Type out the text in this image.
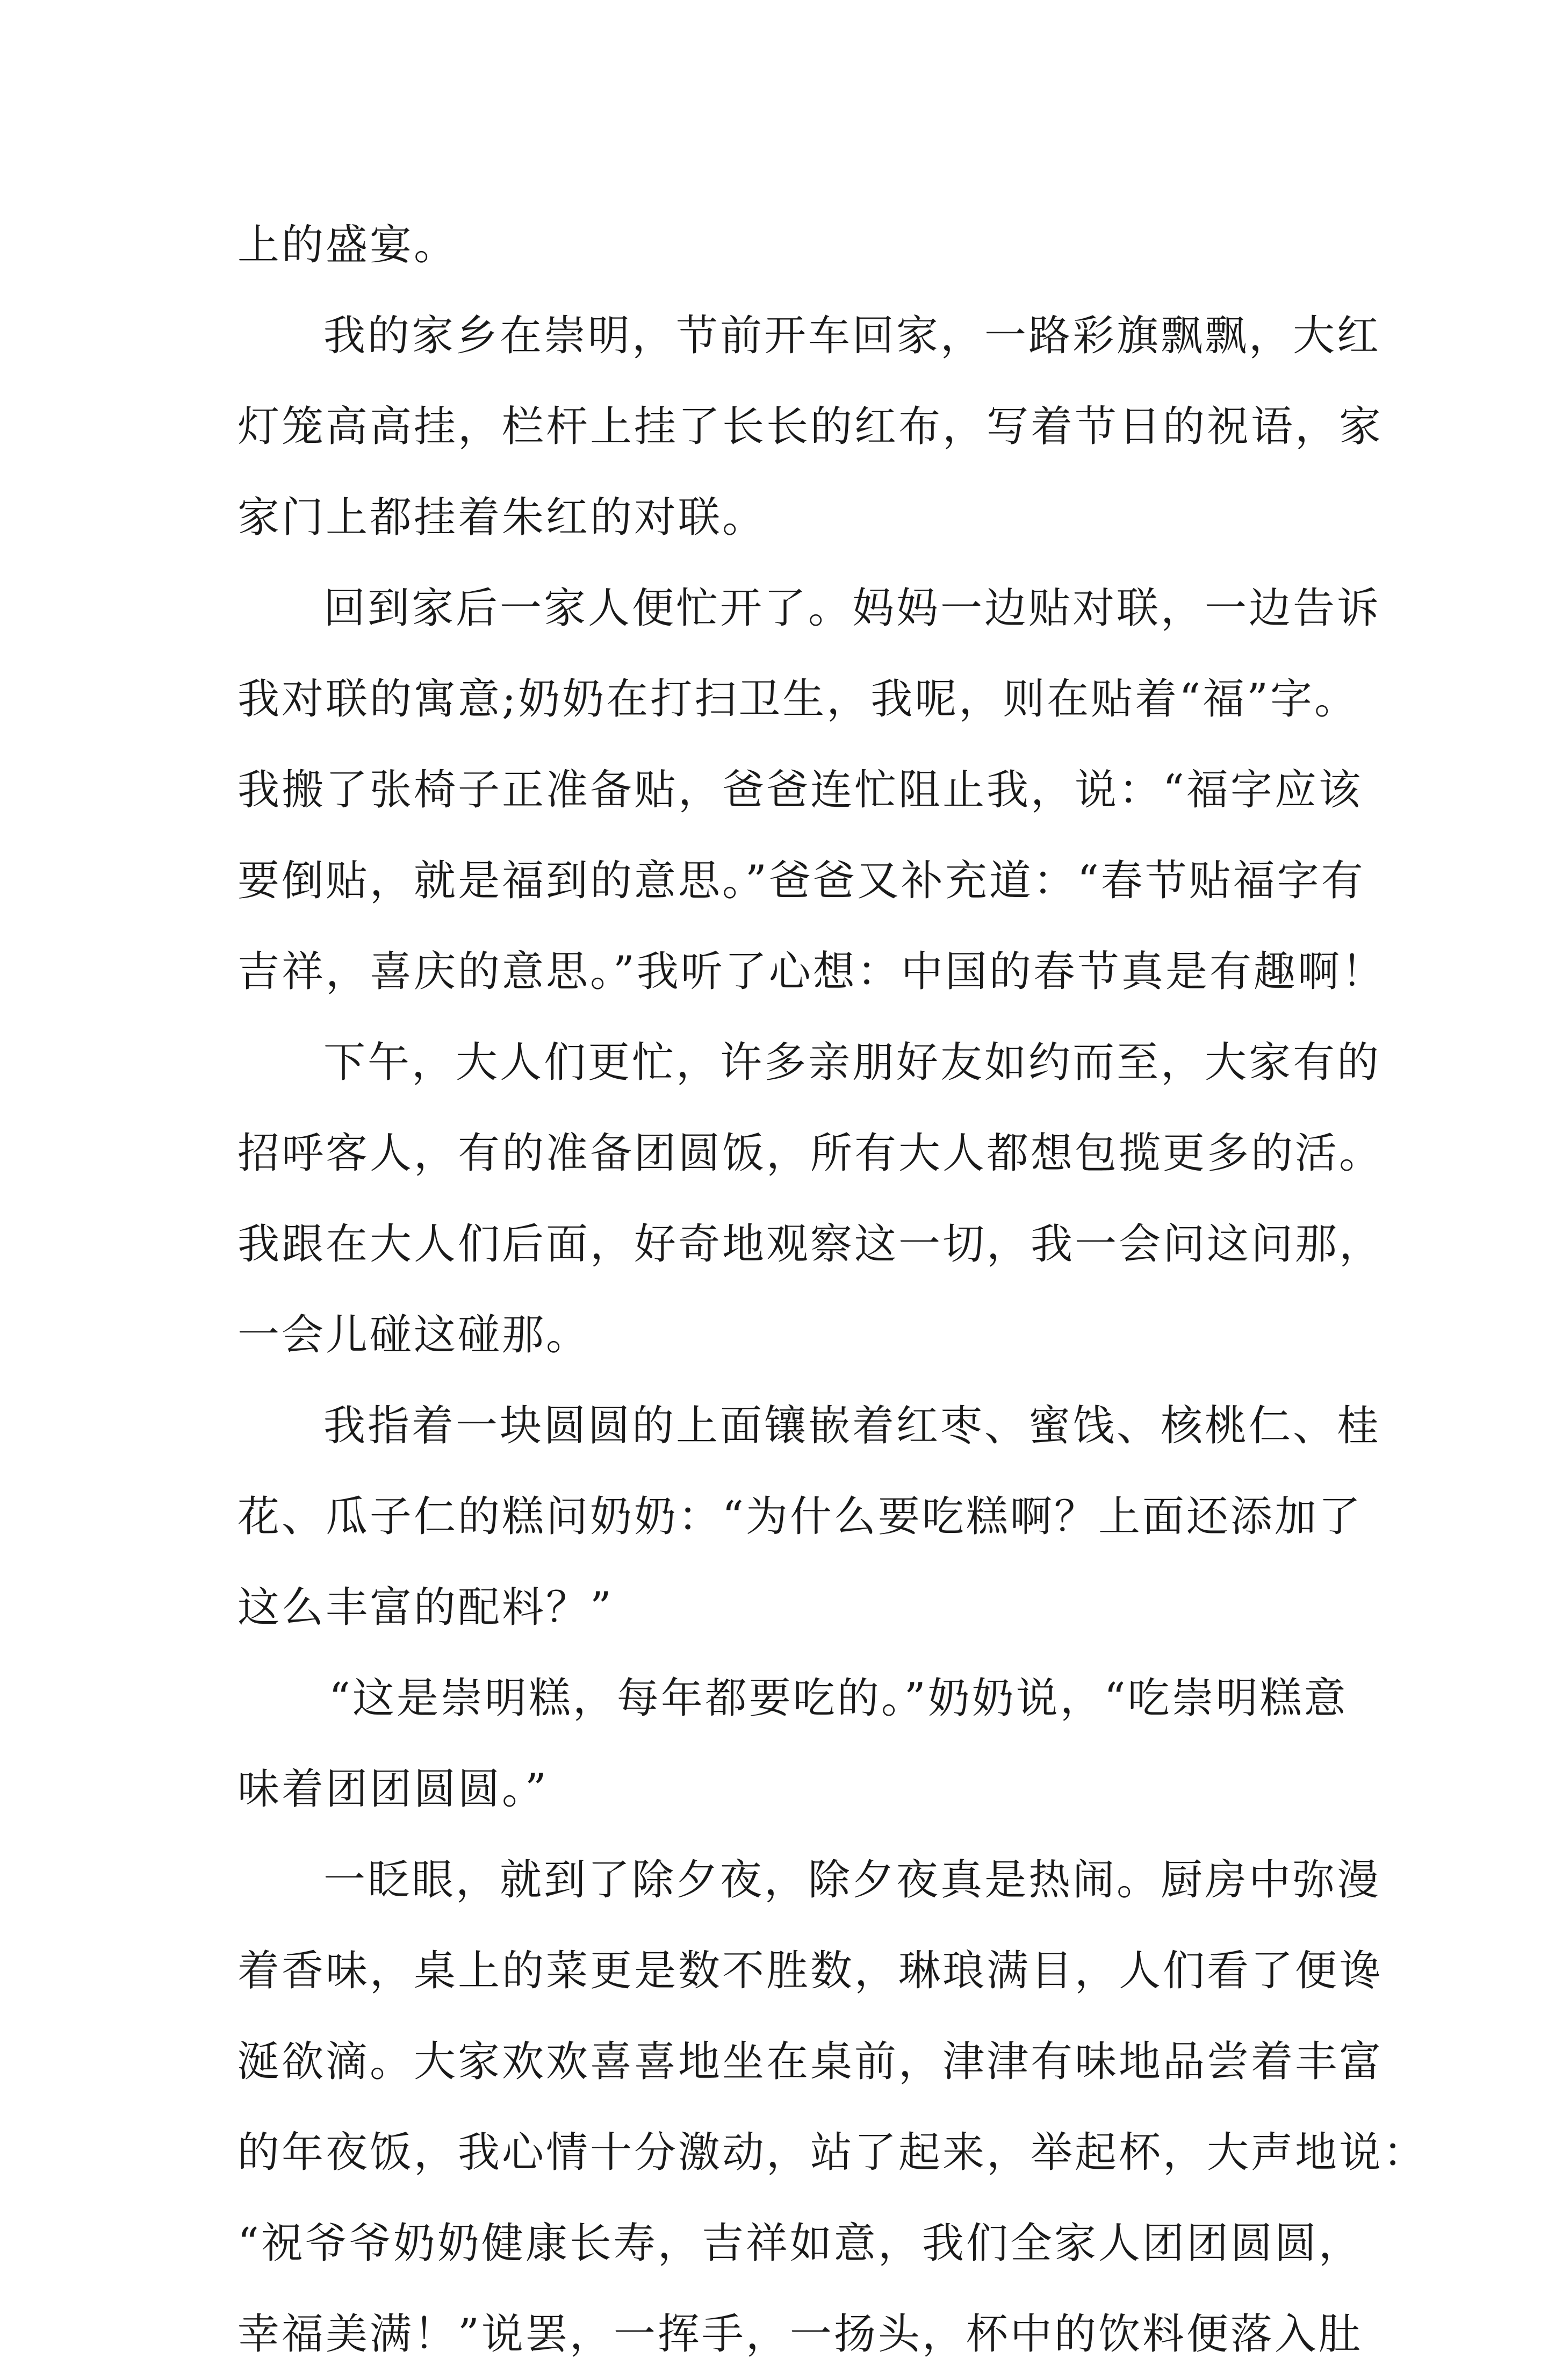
上的盛宴。
我的家乡在崇明，节前开车回家，一路彩旗飘飘，大红
灯笼高高挂，栏杆上挂了长长的红布，写着节日的祝语，家
家门上都挂着朱红的对联。
回到家后一家人便忙开了。妈妈一边贴对联，一边告诉
我对联的寓意;奶奶在打扫卫生，我呢，则在贴着“福”字。
我搬了张椅子正准备贴，爸爸连忙阻止我，说：“福字应该
要倒贴，就是福到的意思。”爸爸又补充道：“春节贴福字有
吉祥，喜庆的意思。”我听了心想：中国的春节真是有趣啊！
下午，大人们更忙，许多亲朋好友如约而至，大家有的
招呼客人，有的准备团圆饭，所有大人都想包揽更多的活。
我跟在大人们后面，好奇地观察这一切，我一会问这问那，
一会儿碰这碰那。
我指着一块圆圆的上面镶嵌着红枣、蜜饯、核桃仁、桂
花、瓜子仁的糕问奶奶：“为什么要吃糕啊？上面还添加了
这么丰富的配料？”
“这是崇明糕，每年都要吃的。”奶奶说，“吃崇明糕意
味着团团圆圆。”
一眨眼，就到了除夕夜，除夕夜真是热闹。厨房中弥漫
着香味，桌上的菜更是数不胜数，琳琅满目，人们看了便谗
涎欲滴。大家欢欢喜喜地坐在桌前，津津有味地品尝着丰富
的年夜饭，我心情十分激动，站了起来，举起杯，大声地说：
“祝爷爷奶奶健康长寿，吉祥如意，我们全家人团团圆圆，
幸福美满！”说罢，一挥手，一扬头，杯中的饮料便落入肚
